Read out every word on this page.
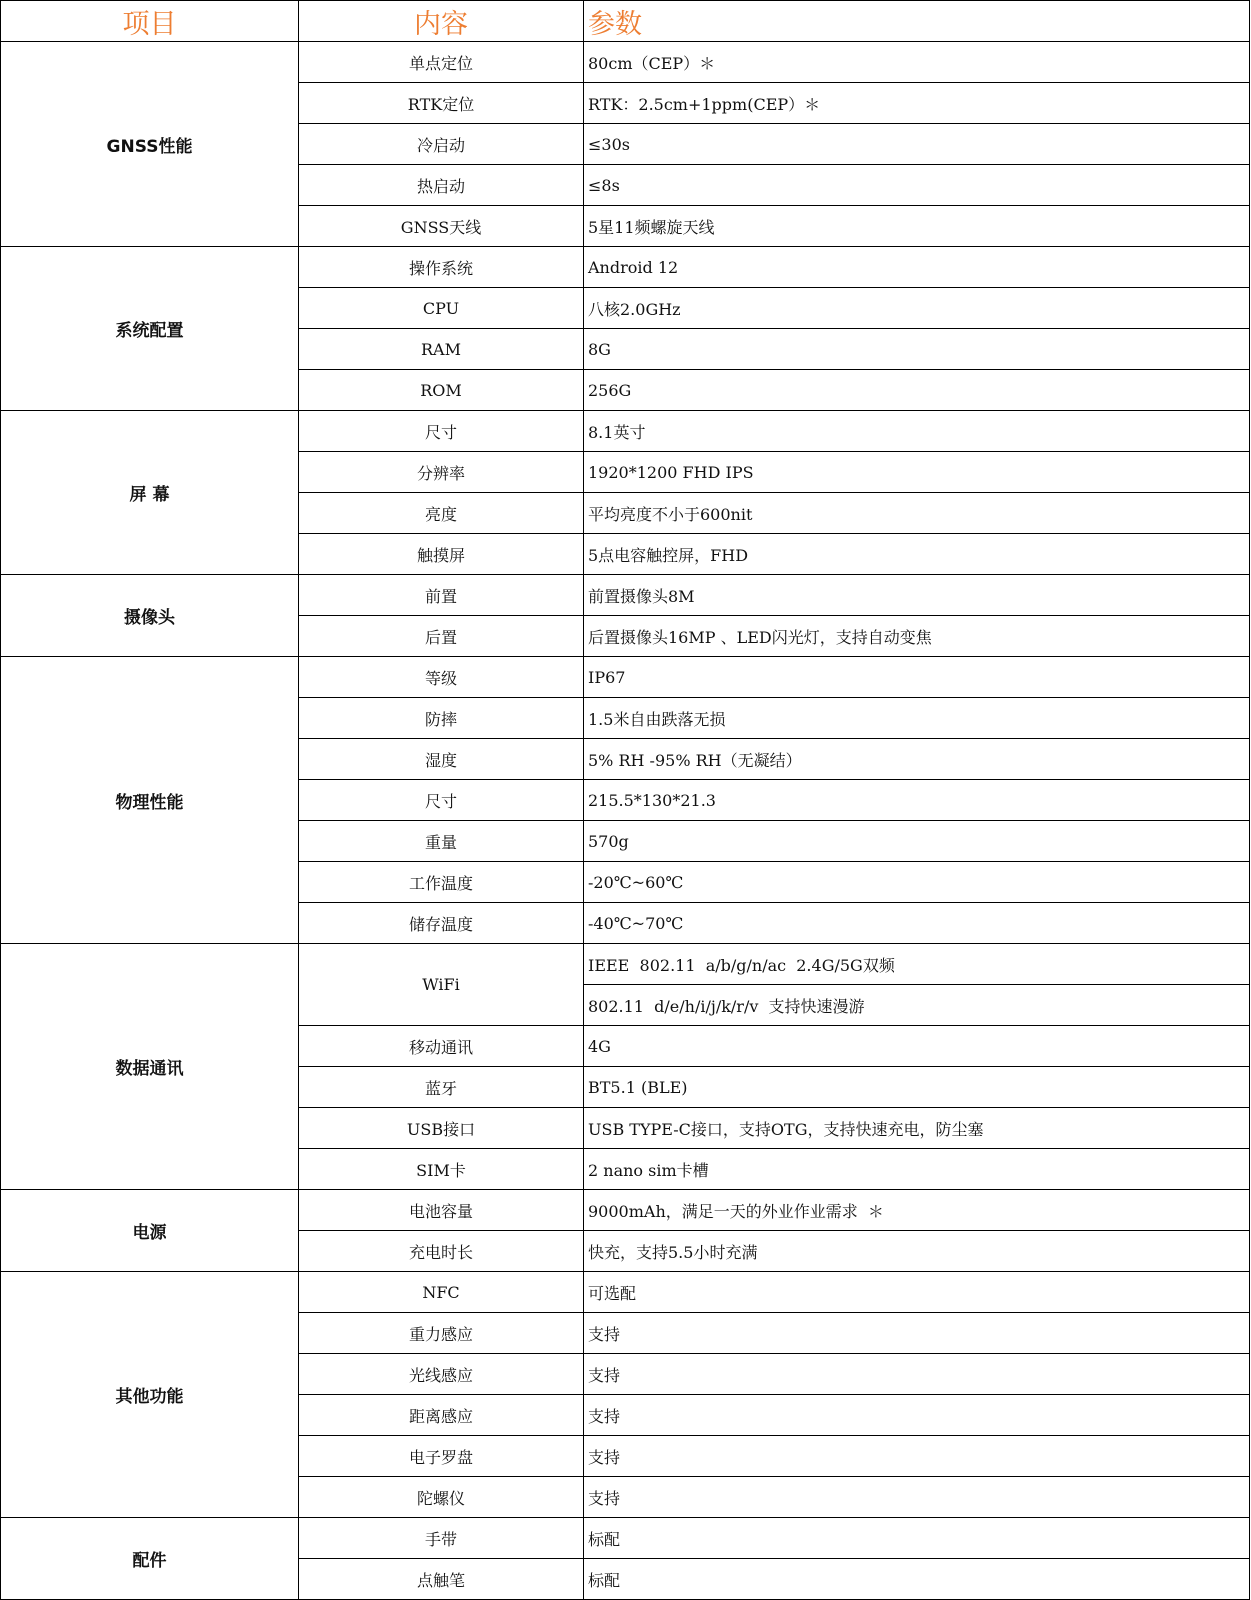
项目	内容	参数
GNSS性能	单点定位	80cm（CEP）＊
	RTK定位	RTK：2.5cm+1ppm(CEP）＊
	冷启动	≤30s
	热启动	≤8s
	GNSS天线	5星11频螺旋天线
系统配置	操作系统	Android 12
	CPU	八核2.0GHz
	RAM	8G
	ROM	256G
屏 幕	尺寸	8.1英寸
	分辨率	1920*1200 FHD IPS
	亮度	平均亮度不小于600nit
	触摸屏	5点电容触控屏，FHD
摄像头	前置	前置摄像头8M
	后置	后置摄像头16MP 、LED闪光灯，支持自动变焦
物理性能	等级	IP67
	防摔	1.5米自由跌落无损
	湿度	5% RH -95% RH（无凝结）
	尺寸	215.5*130*21.3
	重量	570g
	工作温度	-20℃~60℃
	储存温度	-40℃~70℃
数据通讯	WiFi	IEEE  802.11  a/b/g/n/ac  2.4G/5G双频
		802.11  d/e/h/i/j/k/r/v  支持快速漫游
	移动通讯	4G
	蓝牙	BT5.1 (BLE)
	USB接口	USB TYPE-C接口，支持OTG，支持快速充电，防尘塞
	SIM卡	2 nano sim卡槽
电源	电池容量	9000mAh，满足一天的外业作业需求  ＊
	充电时长	快充，支持5.5小时充满
其他功能	NFC	可选配
	重力感应	支持
	光线感应	支持
	距离感应	支持
	电子罗盘	支持
	陀螺仪	支持
配件	手带	标配
	点触笔	标配
